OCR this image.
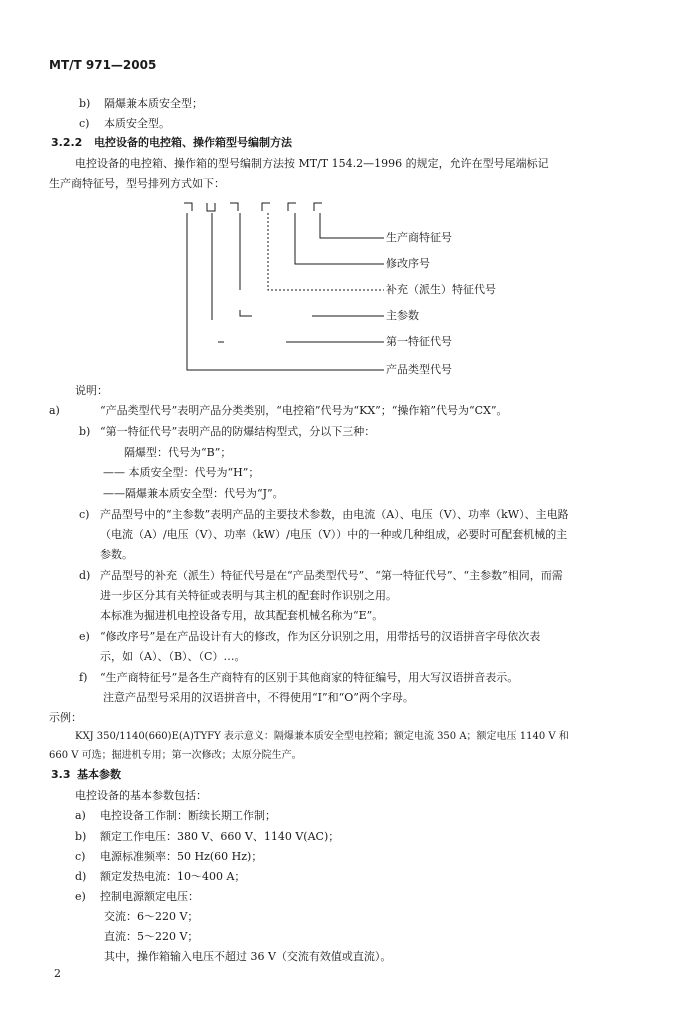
MT/T 971—2005
b) 隔爆兼本质安全型；
c) 本质安全型。
3.2.2 电控设备的电控箱、操作箱型号编制方法
电控设备的电控箱、操作箱的型号编制方法按 MT/T 154.2—1996 的规定，允许在型号尾端标记
生产商特征号，型号排列方式如下：
生产商特征号
修改序号
补充（派生）特征代号
主参数
第一特征代号
产品类型代号
说明：
a)	“产品类型代号”表明产品分类类别，“电控箱”代号为“KX”；“操作箱”代号为“CX”。
b) “第一特征代号”表明产品的防爆结构型式，分以下三种：
隔爆型：代号为“B”；
—— 本质安全型：代号为“H”；
——隔爆兼本质安全型：代号为“J”。
c) 产品型号中的“主参数”表明产品的主要技术参数，由电流（A）、电压（V）、功率（kW）、主电路
（电流（A）/电压（V）、功率（kW）/电压（V））中的一种或几种组成，必要时可配套机械的主
参数。
d) 产品型号的补充（派生）特征代号是在“产品类型代号”、“第一特征代号”、“主参数”相同，而需
进一步区分其有关特征或表明与其主机的配套时作识别之用。
本标准为掘进机电控设备专用，故其配套机械名称为“E”。
e) “修改序号”是在产品设计有大的修改，作为区分识别之用，用带括号的汉语拼音字母依次表
示，如（A）、（B）、（C）…。
f) “生产商特征号”是各生产商特有的区别于其他商家的特征编号，用大写汉语拼音表示。
注意产品型号采用的汉语拼音中，不得使用“I”和“O”两个字母。
示例：
KXJ 350/1140(660)E(A)TYFY 表示意义：隔爆兼本质安全型电控箱；额定电流 350 A；额定电压 1140 V 和
660 V 可选；掘进机专用；第一次修改；太原分院生产。
3.3 基本参数
电控设备的基本参数包括：
a) 电控设备工作制：断续长期工作制；
b) 额定工作电压：380 V、660 V、1140 V(AC)；
c) 电源标准频率：50 Hz(60 Hz)；
d) 额定发热电流：10～400 A；
e) 控制电源额定电压：
交流：6～220 V；
直流：5～220 V；
其中，操作箱输入电压不超过 36 V（交流有效值或直流）。
2
